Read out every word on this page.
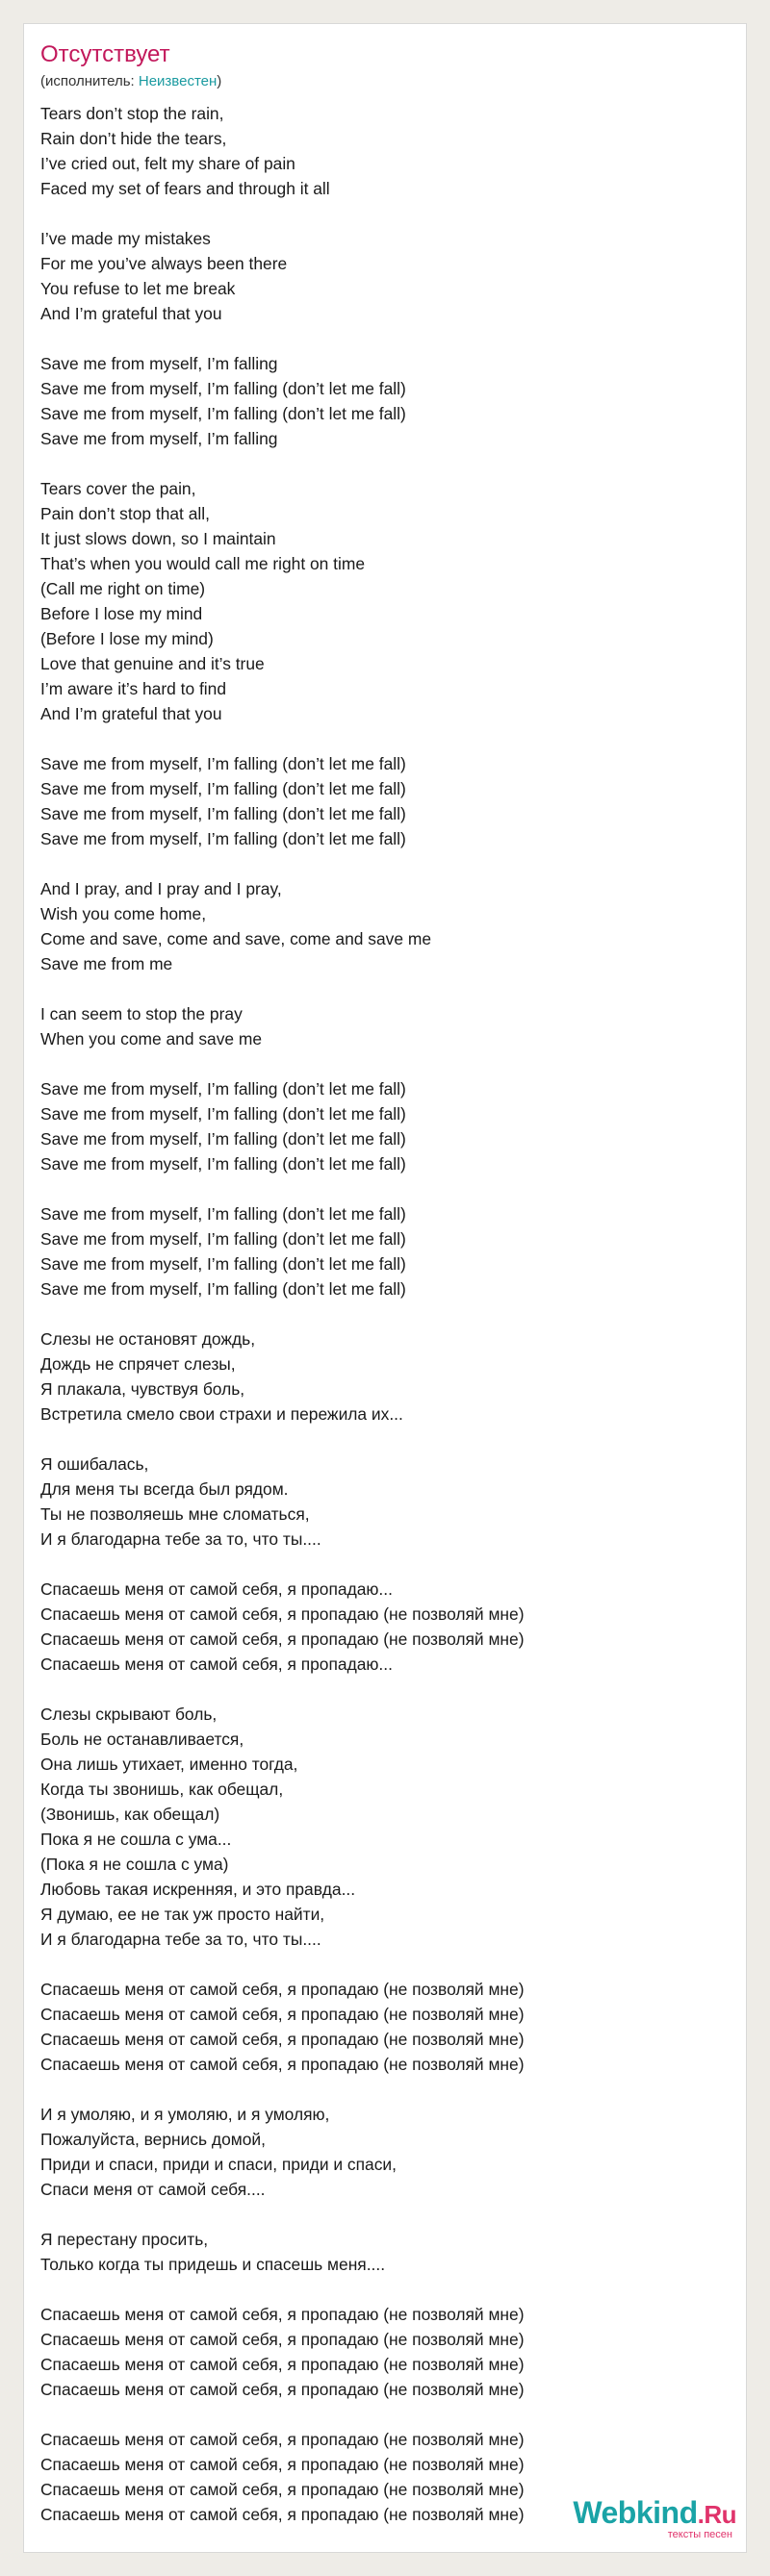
Отсутствует
(исполнитель: Неизвестен)
Tears don’t stop the rain,
Rain don’t hide the tears,
I’ve cried out, felt my share of pain
Faced my set of fears and through it all
I’ve made my mistakes
For me you’ve always been there
You refuse to let me break
And I’m grateful that you
Save me from myself, I’m falling
Save me from myself, I’m falling (don’t let me fall)
Save me from myself, I’m falling (don’t let me fall)
Save me from myself, I’m falling
Tears cover the pain,
Pain don’t stop that all,
It just slows down, so I maintain
That’s when you would call me right on time
(Call me right on time)
Before I lose my mind
(Before I lose my mind)
Love that genuine and it’s true
I’m aware it’s hard to find
And I’m grateful that you
Save me from myself, I’m falling (don’t let me fall)
Save me from myself, I’m falling (don’t let me fall)
Save me from myself, I’m falling (don’t let me fall)
Save me from myself, I’m falling (don’t let me fall)
And I pray, and I pray and I pray,
Wish you come home,
Come and save, come and save, come and save me
Save me from me
I can seem to stop the pray
When you come and save me
Save me from myself, I’m falling (don’t let me fall)
Save me from myself, I’m falling (don’t let me fall)
Save me from myself, I’m falling (don’t let me fall)
Save me from myself, I’m falling (don’t let me fall)
Save me from myself, I’m falling (don’t let me fall)
Save me from myself, I’m falling (don’t let me fall)
Save me from myself, I’m falling (don’t let me fall)
Save me from myself, I’m falling (don’t let me fall)
Слезы не остановят дождь,
Дождь не спрячет слезы,
Я плакала, чувствуя боль,
Встретила смело свои страхи и пережила их...
Я ошибалась,
Для меня ты всегда был рядом.
Ты не позволяешь мне сломаться,
И я благодарна тебе за то, что ты....
Спасаешь меня от самой себя, я пропадаю...
Спасаешь меня от самой себя, я пропадаю (не позволяй мне)
Спасаешь меня от самой себя, я пропадаю (не позволяй мне)
Спасаешь меня от самой себя, я пропадаю...
Слезы скрывают боль,
Боль не останавливается,
Она лишь утихает, именно тогда,
Когда ты звонишь, как обещал,
(Звонишь, как обещал)
Пока я не сошла с ума...
(Пока я не сошла с ума)
Любовь такая искренняя, и это правда...
Я думаю, ее не так уж просто найти,
И я благодарна тебе за то, что ты....
Спасаешь меня от самой себя, я пропадаю (не позволяй мне)
Спасаешь меня от самой себя, я пропадаю (не позволяй мне)
Спасаешь меня от самой себя, я пропадаю (не позволяй мне)
Спасаешь меня от самой себя, я пропадаю (не позволяй мне)
И я умоляю, и я умоляю, и я умоляю,
Пожалуйста, вернись домой,
Приди и спаси, приди и спаси, приди и спаси,
Спаси меня от самой себя....
Я перестану просить,
Только когда ты придешь и спасешь меня....
Спасаешь меня от самой себя, я пропадаю (не позволяй мне)
Спасаешь меня от самой себя, я пропадаю (не позволяй мне)
Спасаешь меня от самой себя, я пропадаю (не позволяй мне)
Спасаешь меня от самой себя, я пропадаю (не позволяй мне)
Спасаешь меня от самой себя, я пропадаю (не позволяй мне)
Спасаешь меня от самой себя, я пропадаю (не позволяй мне)
Спасаешь меня от самой себя, я пропадаю (не позволяй мне)
Спасаешь меня от самой себя, я пропадаю (не позволяй мне)	Webkind.Ru
тексты песен
